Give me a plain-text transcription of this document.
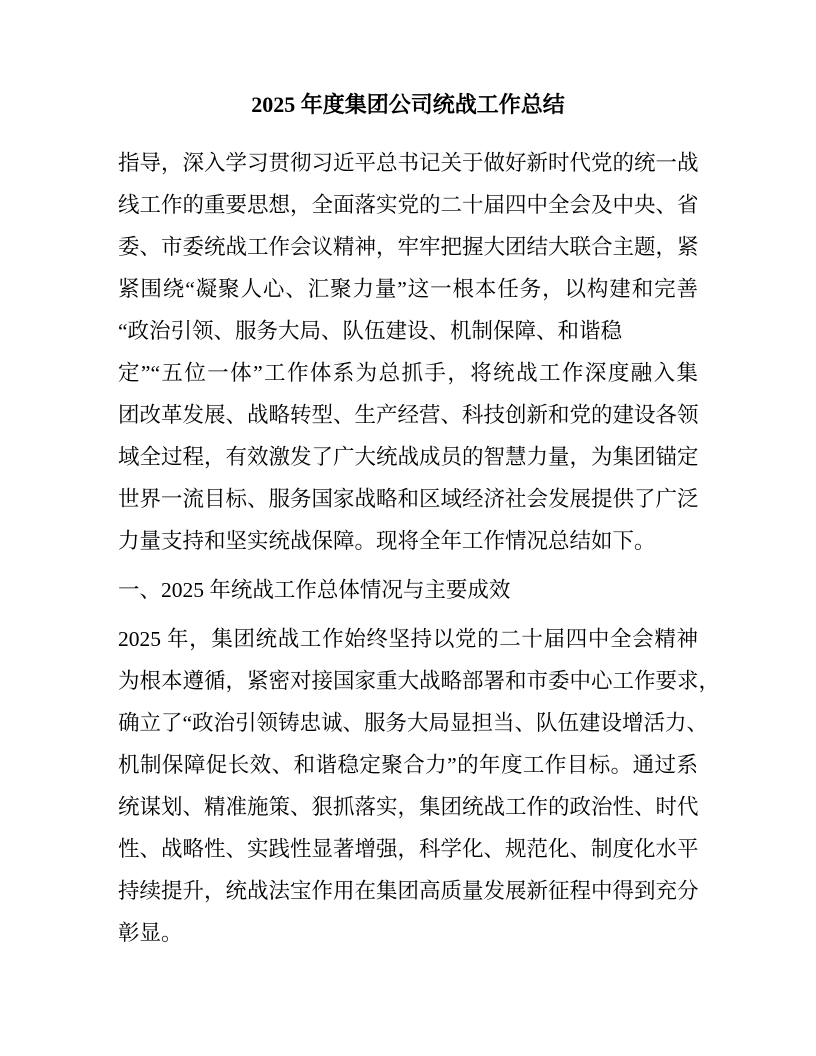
2025 年度集团公司统战工作总结
指导，深入学习贯彻习近平总书记关于做好新时代党的统一战
线工作的重要思想，全面落实党的二十届四中全会及中央、省
委、市委统战工作会议精神，牢牢把握大团结大联合主题，紧
紧围绕“凝聚人心、汇聚力量”这一根本任务，以构建和完善
“政治引领、服务大局、队伍建设、机制保障、和谐稳
定”“五位一体”工作体系为总抓手，将统战工作深度融入集
团改革发展、战略转型、生产经营、科技创新和党的建设各领
域全过程，有效激发了广大统战成员的智慧力量，为集团锚定
世界一流目标、服务国家战略和区域经济社会发展提供了广泛
力量支持和坚实统战保障。现将全年工作情况总结如下。
一、2025 年统战工作总体情况与主要成效
2025 年，集团统战工作始终坚持以党的二十届四中全会精神
为根本遵循，紧密对接国家重大战略部署和市委中心工作要求，
确立了“政治引领铸忠诚、服务大局显担当、队伍建设增活力、
机制保障促长效、和谐稳定聚合力”的年度工作目标。通过系
统谋划、精准施策、狠抓落实，集团统战工作的政治性、时代
性、战略性、实践性显著增强，科学化、规范化、制度化水平
持续提升，统战法宝作用在集团高质量发展新征程中得到充分
彰显。
